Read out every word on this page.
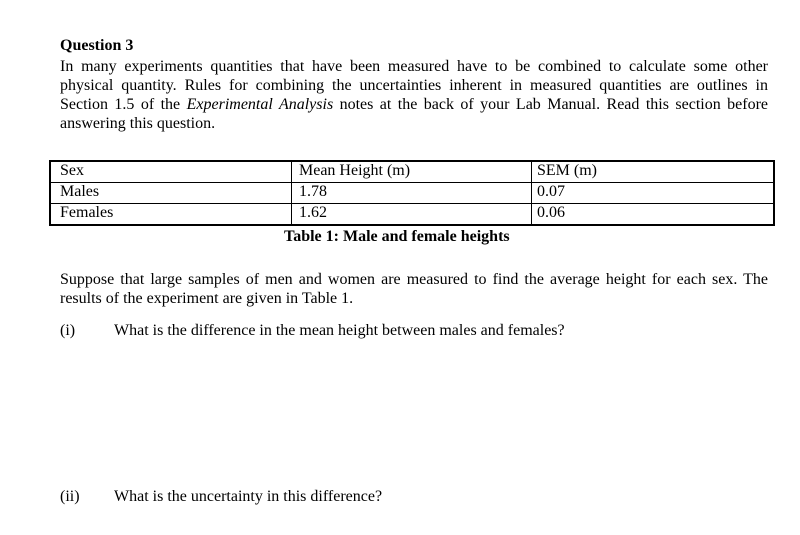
Question 3

In many experiments quantities that have been measured have to be combined to calculate some other physical quantity. Rules for combining the uncertainties inherent in measured quantities are outlines in Section 1.5 of the Experimental Analysis notes at the back of your Lab Manual. Read this section before answering this question.

Sex	Mean Height (m)	SEM (m)
Males	1.78	0.07
Females	1.62	0.06
Table 1: Male and female heights

Suppose that large samples of men and women are measured to find the average height for each sex. The results of the experiment are given in Table 1.

(i) What is the difference in the mean height between males and females?
(ii) What is the uncertainty in this difference?
